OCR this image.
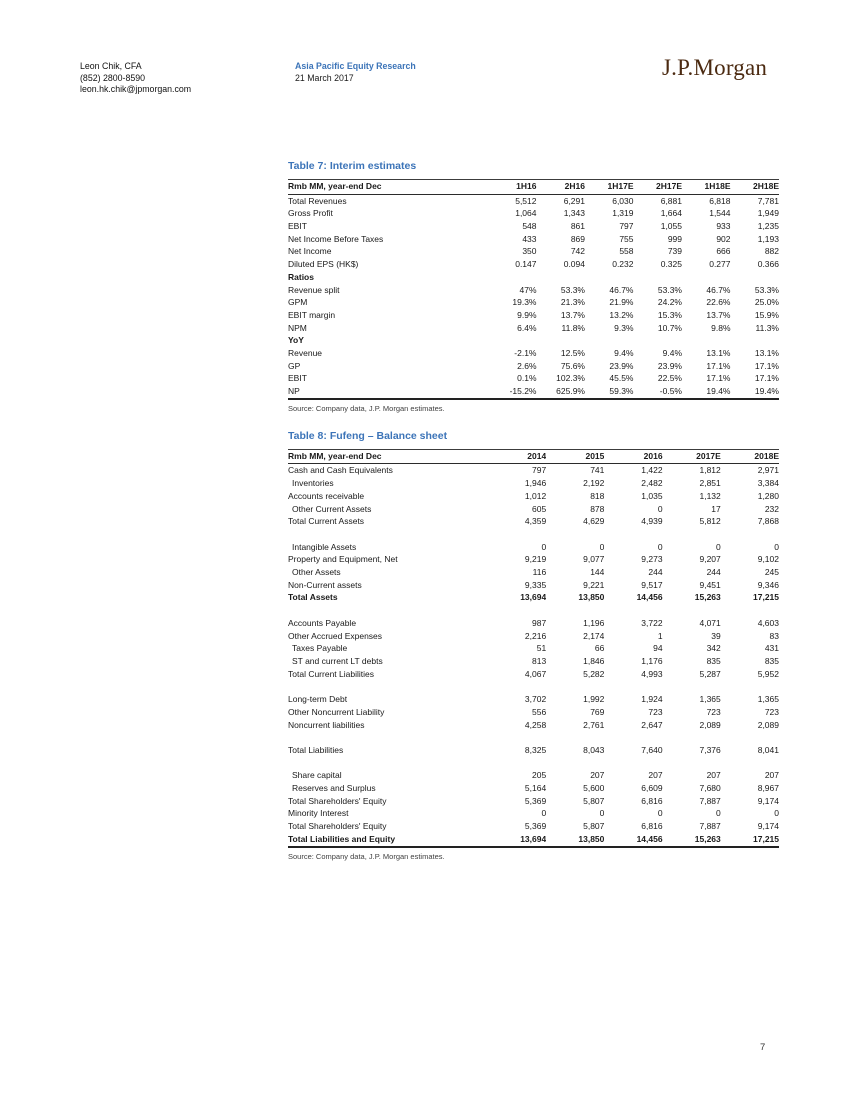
Leon Chik, CFA
(852) 2800-8590
leon.hk.chik@jpmorgan.com
Asia Pacific Equity Research
21 March 2017	J.P.Morgan
Table 7: Interim estimates
Rmb MM, year-end Dec	1H16	2H16	1H17E	2H17E	1H18E	2H18E
Total Revenues	5,512	6,291	6,030	6,881	6,818	7,781
Gross Profit	1,064	1,343	1,319	1,664	1,544	1,949
EBIT	548	861	797	1,055	933	1,235
Net Income Before Taxes	433	869	755	999	902	1,193
Net Income	350	742	558	739	666	882
Diluted EPS (HK$)	0.147	0.094	0.232	0.325	0.277	0.366
Ratios						
Revenue split	47%	53.3%	46.7%	53.3%	46.7%	53.3%
GPM	19.3%	21.3%	21.9%	24.2%	22.6%	25.0%
EBIT margin	9.9%	13.7%	13.2%	15.3%	13.7%	15.9%
NPM	6.4%	11.8%	9.3%	10.7%	9.8%	11.3%
YoY						
Revenue	-2.1%	12.5%	9.4%	9.4%	13.1%	13.1%
GP	2.6%	75.6%	23.9%	23.9%	17.1%	17.1%
EBIT	0.1%	102.3%	45.5%	22.5%	17.1%	17.1%
NP	-15.2%	625.9%	59.3%	-0.5%	19.4%	19.4%
Source: Company data, J.P. Morgan estimates.
Table 8: Fufeng – Balance sheet
Rmb MM, year-end Dec	2014	2015	2016	2017E	2018E
Cash and Cash Equivalents	797	741	1,422	1,812	2,971
Inventories	1,946	2,192	2,482	2,851	3,384
Accounts receivable	1,012	818	1,035	1,132	1,280
Other Current Assets	605	878	0	17	232
Total Current Assets	4,359	4,629	4,939	5,812	7,868

Intangible Assets	0	0	0	0	0
Property and Equipment, Net	9,219	9,077	9,273	9,207	9,102
Other Assets	116	144	244	244	245
Non-Current assets	9,335	9,221	9,517	9,451	9,346
Total Assets	13,694	13,850	14,456	15,263	17,215

Accounts Payable	987	1,196	3,722	4,071	4,603
Other Accrued Expenses	2,216	2,174	1	39	83
Taxes Payable	51	66	94	342	431
ST and current LT debts	813	1,846	1,176	835	835
Total Current Liabilities	4,067	5,282	4,993	5,287	5,952

Long-term Debt	3,702	1,992	1,924	1,365	1,365
Other Noncurrent Liability	556	769	723	723	723
Noncurrent liabilities	4,258	2,761	2,647	2,089	2,089

Total Liabilities	8,325	8,043	7,640	7,376	8,041

Share capital	205	207	207	207	207
Reserves and Surplus	5,164	5,600	6,609	7,680	8,967
Total Shareholders' Equity	5,369	5,807	6,816	7,887	9,174
Minority Interest	0	0	0	0	0
Total Shareholders' Equity	5,369	5,807	6,816	7,887	9,174
Total Liabilities and Equity	13,694	13,850	14,456	15,263	17,215
Source: Company data, J.P. Morgan estimates.
7
